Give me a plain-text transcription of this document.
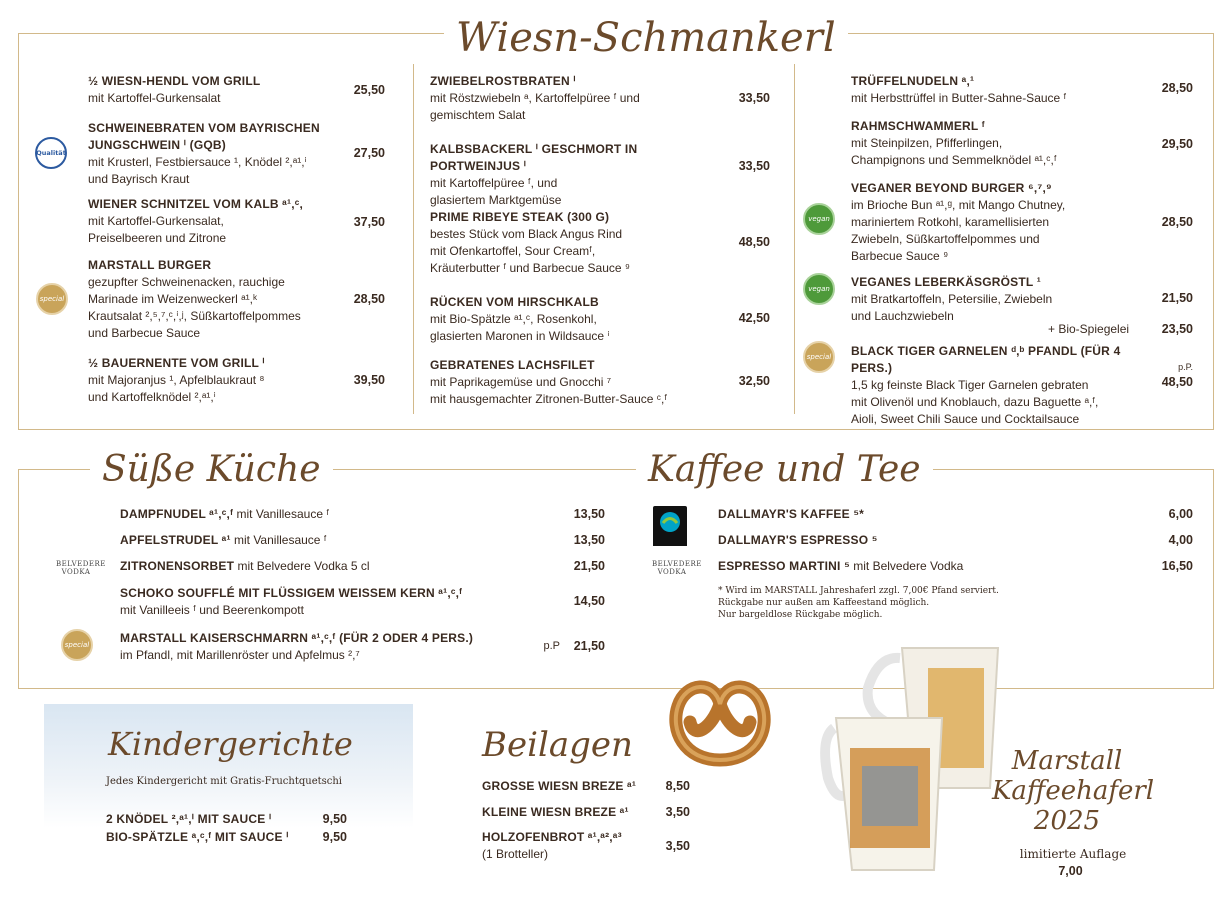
Wiesn-Schmankerl
Süße Küche	Kaffee und Tee
Qualität
special
½ WIESN-HENDL VOM GRILL
mit Kartoffel-Gurkensalat
25,50
SCHWEINEBRATEN VOM BAYRISCHEN JUNGSCHWEIN ⁱ (GQB)
mit Krusterl, Festbiersauce ¹, Knödel ²,ᵃ¹,ⁱ
und Bayrisch Kraut
27,50
WIENER SCHNITZEL VOM KALB ᵃ¹,ᶜ,
mit Kartoffel-Gurkensalat,
Preiselbeeren und Zitrone
37,50
MARSTALL BURGER
gezupfter Schweinenacken, rauchige
Marinade im Weizenweckerl ᵃ¹,ᵏ
Krautsalat ²,⁵,⁷,ᶜ,ⁱ,ʲ, Süßkartoffelpommes
und Barbecue Sauce
28,50
½ BAUERNENTE VOM GRILL ⁱ
mit Majoranjus ¹, Apfelblaukraut ⁸
und Kartoffelknödel ²,ᵃ¹,ⁱ
39,50
ZWIEBELROSTBRATEN ⁱ
mit Röstzwiebeln ᵃ, Kartoffelpüree ᶠ und
gemischtem Salat
33,50
KALBSBACKERL ⁱ GESCHMORT IN PORTWEINJUS ⁱ
mit Kartoffelpüree ᶠ, und
glasiertem Marktgemüse
33,50
PRIME RIBEYE STEAK (300 G)
bestes Stück vom Black Angus Rind
mit Ofenkartoffel, Sour Creamᶠ,
Kräuterbutter ᶠ und Barbecue Sauce ⁹
48,50
RÜCKEN VOM HIRSCHKALB
mit Bio-Spätzle ᵃ¹,ᶜ, Rosenkohl,
glasierten Maronen in Wildsauce ⁱ
42,50
GEBRATENES LACHSFILET
mit Paprikagemüse und Gnocchi ⁷
mit hausgemachter Zitronen-Butter-Sauce ᶜ,ᶠ
32,50
vegan
vegan
special
TRÜFFELNUDELN ᵃ,¹
mit Herbsttrüffel in Butter-Sahne-Sauce ᶠ
28,50
RAHMSCHWAMMERL ᶠ
mit Steinpilzen, Pfifferlingen,
Champignons und Semmelknödel ᵃ¹,ᶜ,ᶠ
29,50
VEGANER BEYOND BURGER ⁶,⁷,⁹
im Brioche Bun ᵃ¹,ᵍ, mit Mango Chutney,
mariniertem Rotkohl, karamellisierten
Zwiebeln, Süßkartoffelpommes und
Barbecue Sauce ⁹
28,50
VEGANES LEBERKÄSGRÖSTL ¹
mit Bratkartoffeln, Petersilie, Zwiebeln
und Lauchzwiebeln
21,50
+ Bio-Spiegelei	23,50
BLACK TIGER GARNELEN ᵈ,ᵇ PFANDL (FÜR 4 PERS.)
1,5 kg feinste Black Tiger Garnelen gebraten
mit Olivenöl und Knoblauch, dazu Baguette ᵃ,ᶠ,
Aioli, Sweet Chili Sauce und Cocktailsauce
p.P.
48,50
BELVEDERE
VODKA
special
DAMPFNUDEL ᵃ¹,ᶜ,ᶠ mit Vanillesauce ᶠ	13,50
APFELSTRUDEL ᵃ¹ mit Vanillesauce ᶠ	13,50
ZITRONENSORBET mit Belvedere Vodka 5 cl	21,50
SCHOKO SOUFFLÉ MIT FLÜSSIGEM WEISSEM KERN ᵃ¹,ᶜ,ᶠ
mit Vanilleeis ᶠ und Beerenkompott
14,50
MARSTALL KAISERSCHMARRN ᵃ¹,ᶜ,ᶠ (FÜR 2 ODER 4 PERS.)
im Pfandl, mit Marillenröster und Apfelmus ²,⁷
p.P	21,50
BELVEDERE
VODKA
DALLMAYR'S KAFFEE ⁵*	6,00
DALLMAYR'S ESPRESSO ⁵	4,00
ESPRESSO MARTINI ⁵ mit Belvedere Vodka	16,50
* Wird im MARSTALL Jahreshaferl zzgl. 7,00€ Pfand serviert.
Rückgabe nur außen am Kaffeestand möglich.
Nur bargeldlose Rückgabe möglich.
Kindergerichte
Jedes Kindergericht mit Gratis-Fruchtquetschi
2 KNÖDEL ²,ᵃ¹,ⁱ MIT SAUCE ⁱ	9,50
BIO-SPÄTZLE ᵃ,ᶜ,ᶠ MIT SAUCE ⁱ	9,50
Beilagen
GROSSE WIESN BREZE ᵃ¹	8,50
KLEINE WIESN BREZE ᵃ¹	3,50
HOLZOFENBROT ᵃ¹,ᵃ²,ᵃ³
(1 Brotteller)
3,50
Marstall
Kaffeehaferl
2025
limitierte Auflage
7,00
